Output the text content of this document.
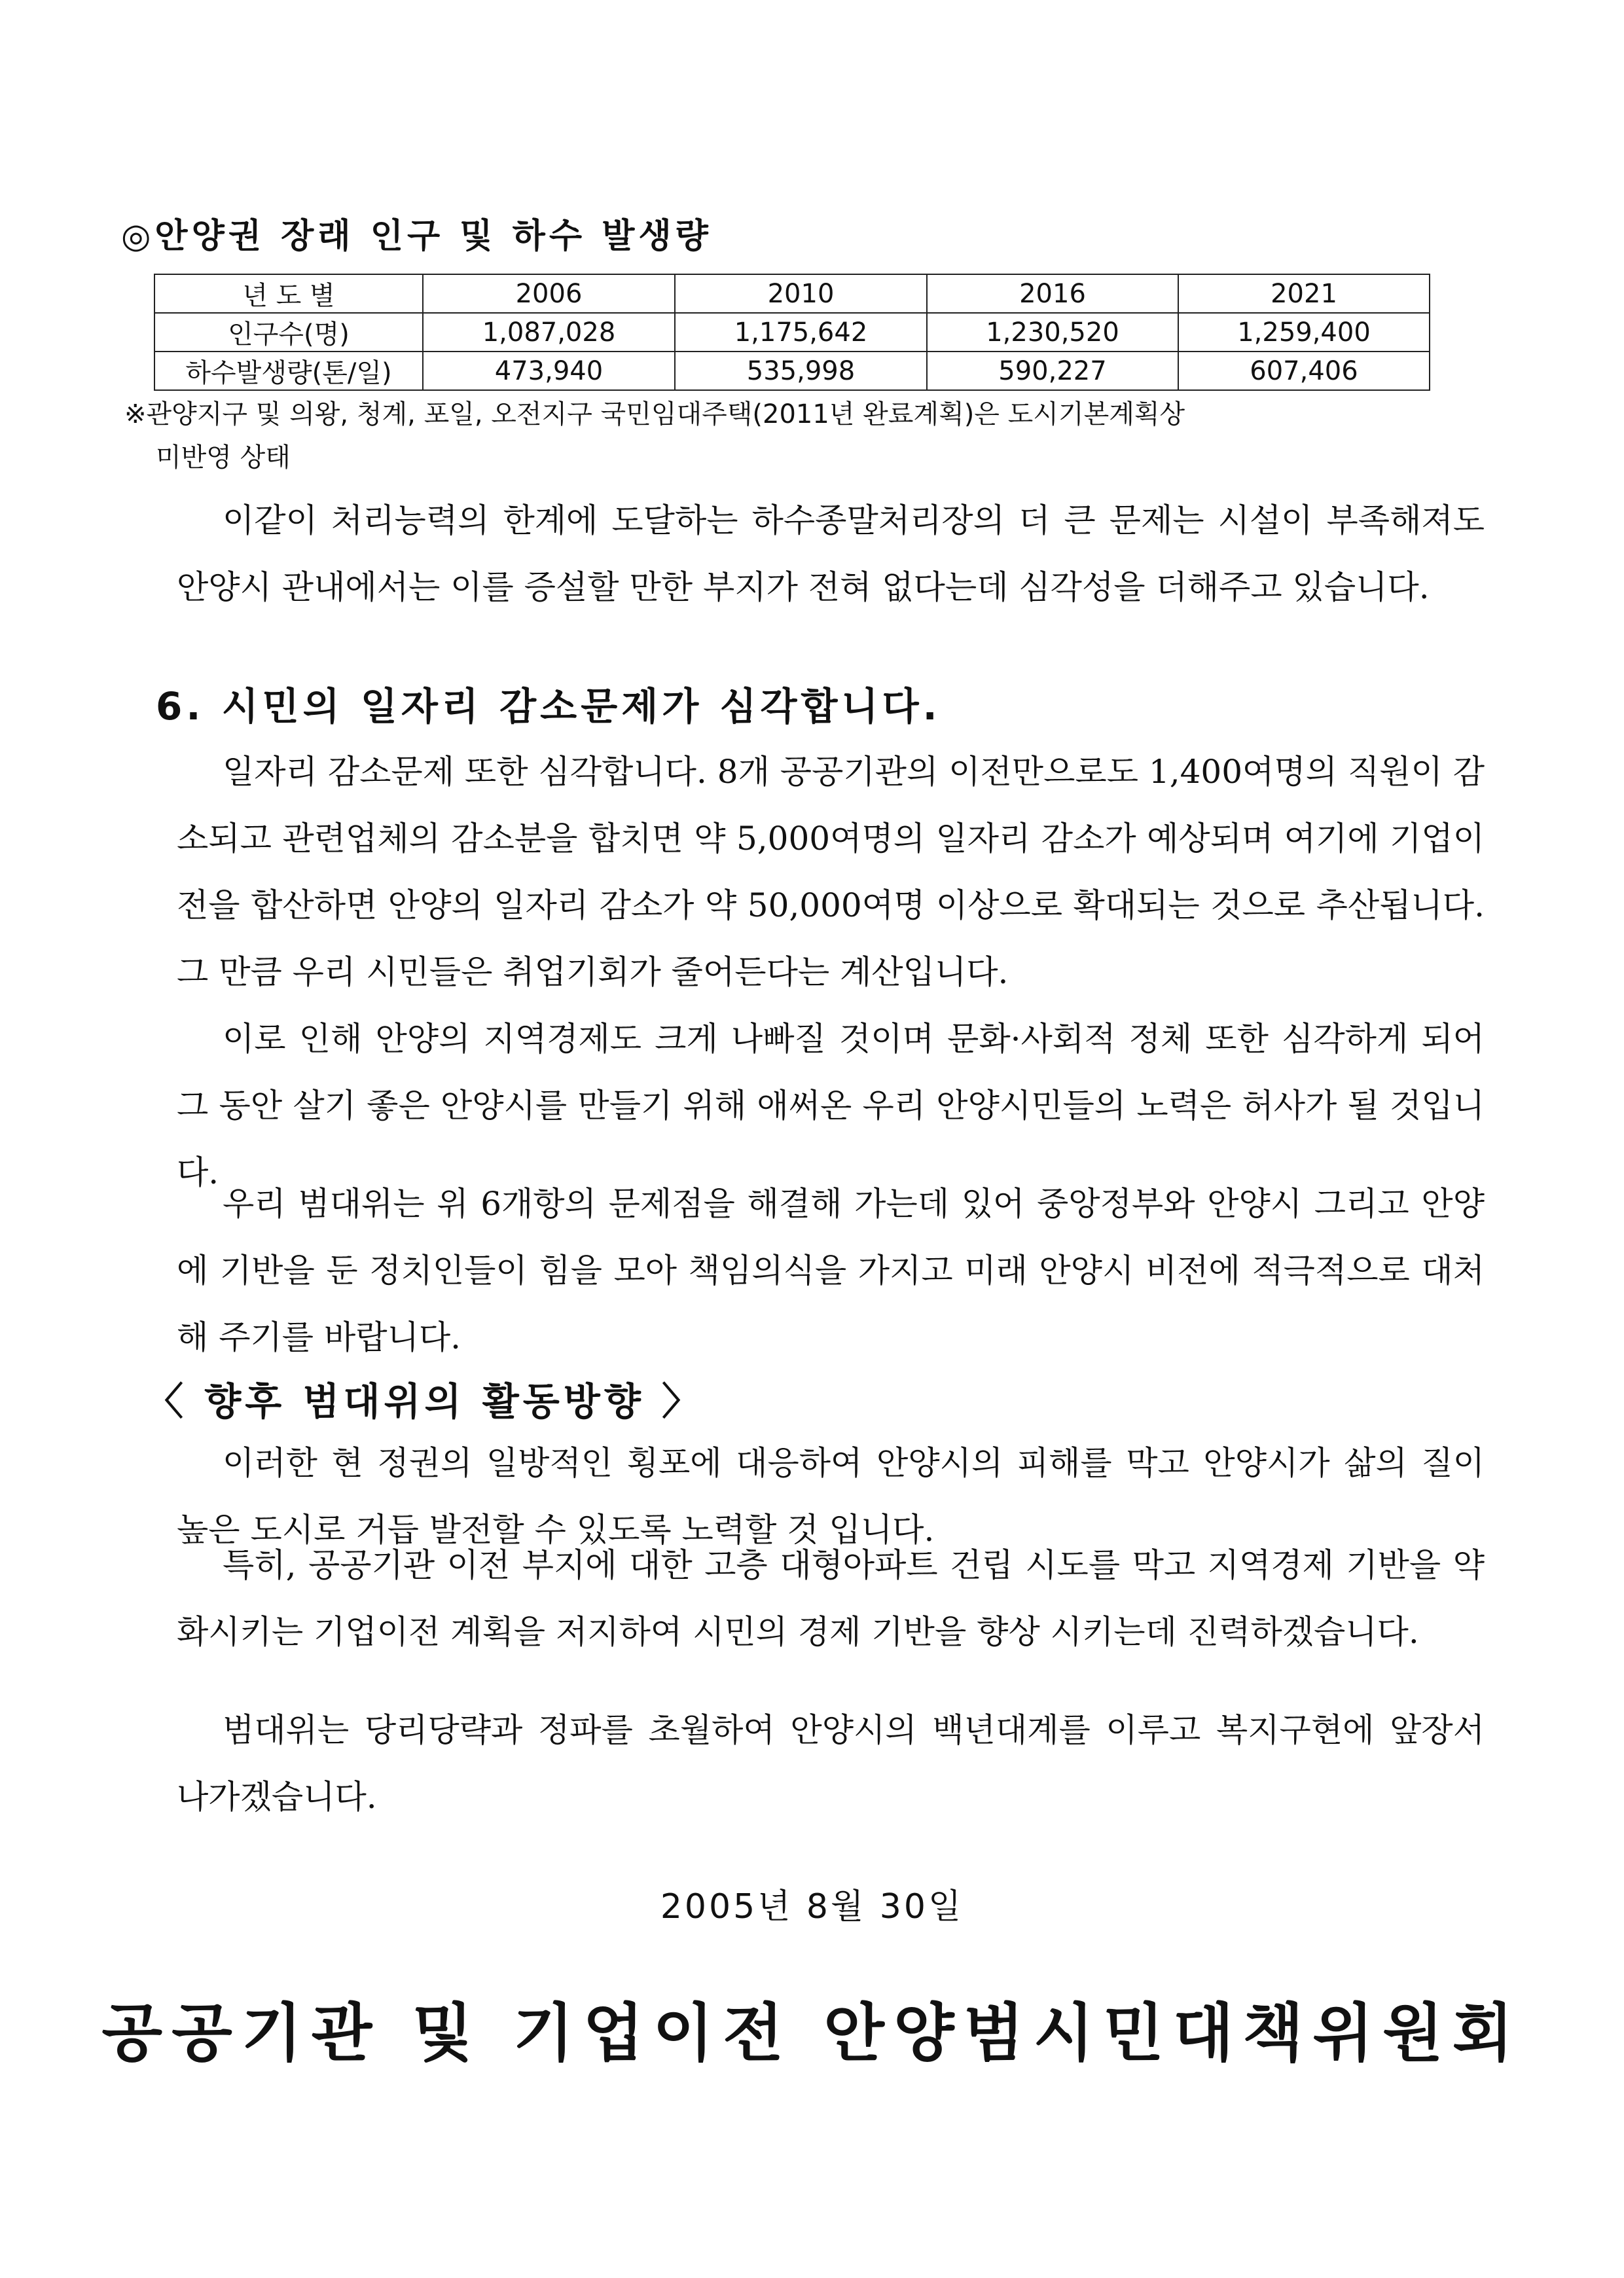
◎안양권 장래 인구 및 하수 발생량
년 도 별	2006	2010	2016	2021
인구수(명)	1,087,028	1,175,642	1,230,520	1,259,400
하수발생량(톤/일)	473,940	535,998	590,227	607,406
※관양지구 및 의왕, 청계, 포일, 오전지구 국민임대주택(2011년 완료계획)은 도시기본계획상
미반영 상태

이같이 처리능력의 한계에 도달하는 하수종말처리장의 더 큰 문제는 시설이 부족해져도 안양시 관내에서는 이를 증설할 만한 부지가 전혀 없다는데 심각성을 더해주고 있습니다.

6. 시민의 일자리 감소문제가 심각합니다.

일자리 감소문제 또한 심각합니다. 8개 공공기관의 이전만으로도 1,400여명의 직원이 감소되고 관련업체의 감소분을 합치면 약 5,000여명의 일자리 감소가 예상되며 여기에 기업이전을 합산하면 안양의 일자리 감소가 약 50,000여명 이상으로 확대되는 것으로 추산됩니다. 그 만큼 우리 시민들은 취업기회가 줄어든다는 계산입니다.

이로 인해 안양의 지역경제도 크게 나빠질 것이며 문화·사회적 정체 또한 심각하게 되어 그 동안 살기 좋은 안양시를 만들기 위해 애써온 우리 안양시민들의 노력은 허사가 될 것입니다.

우리 범대위는 위 6개항의 문제점을 해결해 가는데 있어 중앙정부와 안양시 그리고 안양에 기반을 둔 정치인들이 힘을 모아 책임의식을 가지고 미래 안양시 비전에 적극적으로 대처해 주기를 바랍니다.

〈 향후 범대위의 활동방향 〉

이러한 현 정권의 일방적인 횡포에 대응하여 안양시의 피해를 막고 안양시가 삶의 질이 높은 도시로 거듭 발전할 수 있도록 노력할 것 입니다.

특히, 공공기관 이전 부지에 대한 고층 대형아파트 건립 시도를 막고 지역경제 기반을 약화시키는 기업이전 계획을 저지하여 시민의 경제 기반을 향상 시키는데 진력하겠습니다.

범대위는 당리당략과 정파를 초월하여 안양시의 백년대계를 이루고 복지구현에 앞장서 나가겠습니다.

2005년 8월 30일
공공기관 및 기업이전 안양범시민대책위원회
